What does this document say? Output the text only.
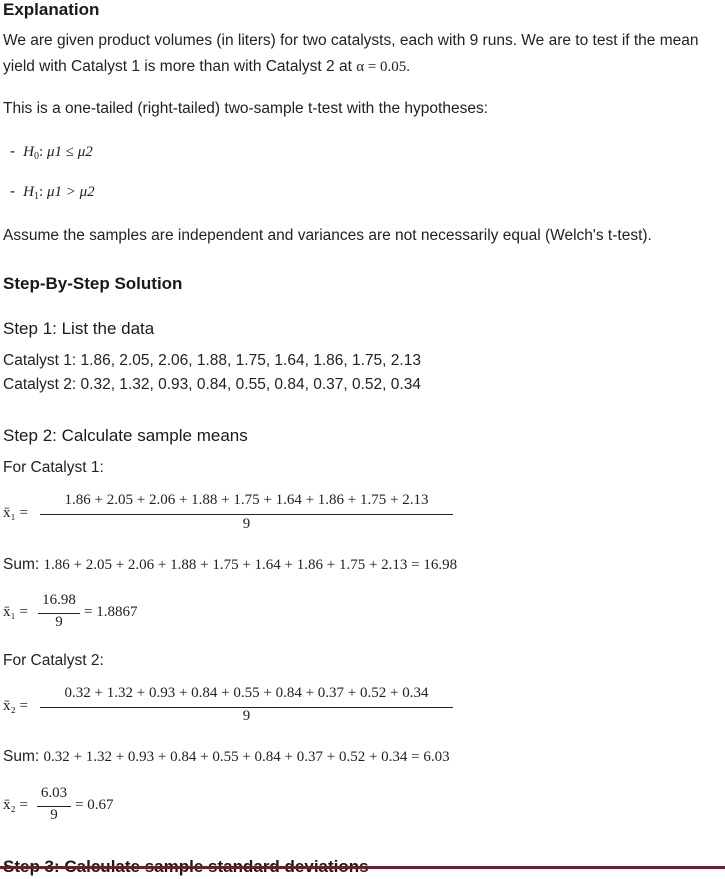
Explanation
We are given product volumes (in liters) for two catalysts, each with 9 runs. We are to test if the mean
yield with Catalyst 1 is more than with Catalyst 2 at α = 0.05.
This is a one-tailed (right-tailed) two-sample t-test with the hypotheses:
- $H_0$: μ1 ≤ μ2
- $H_1$: μ1 > μ2
Assume the samples are independent and variances are not necessarily equal (Welch's t-test).
Step-By-Step Solution
Step 1: List the data
Catalyst 1: 1.86, 2.05, 2.06, 1.88, 1.75, 1.64, 1.86, 1.75, 2.13
Catalyst 2: 0.32, 1.32, 0.93, 0.84, 0.55, 0.84, 0.37, 0.52, 0.34
Step 2: Calculate sample means
For Catalyst 1:
x̄₁ =
1.86 + 2.05 + 2.06 + 1.88 + 1.75 + 1.64 + 1.86 + 1.75 + 2.13
9
Sum: 1.86 + 2.05 + 2.06 + 1.88 + 1.75 + 1.64 + 1.86 + 1.75 + 2.13 = 16.98
x̄₁ =
16.98
9
= 1.8867
For Catalyst 2:
x̄₂ =
0.32 + 1.32 + 0.93 + 0.84 + 0.55 + 0.84 + 0.37 + 0.52 + 0.34
9
Sum: 0.32 + 1.32 + 0.93 + 0.84 + 0.55 + 0.84 + 0.37 + 0.52 + 0.34 = 6.03
x̄₂ =
6.03
9
= 0.67
